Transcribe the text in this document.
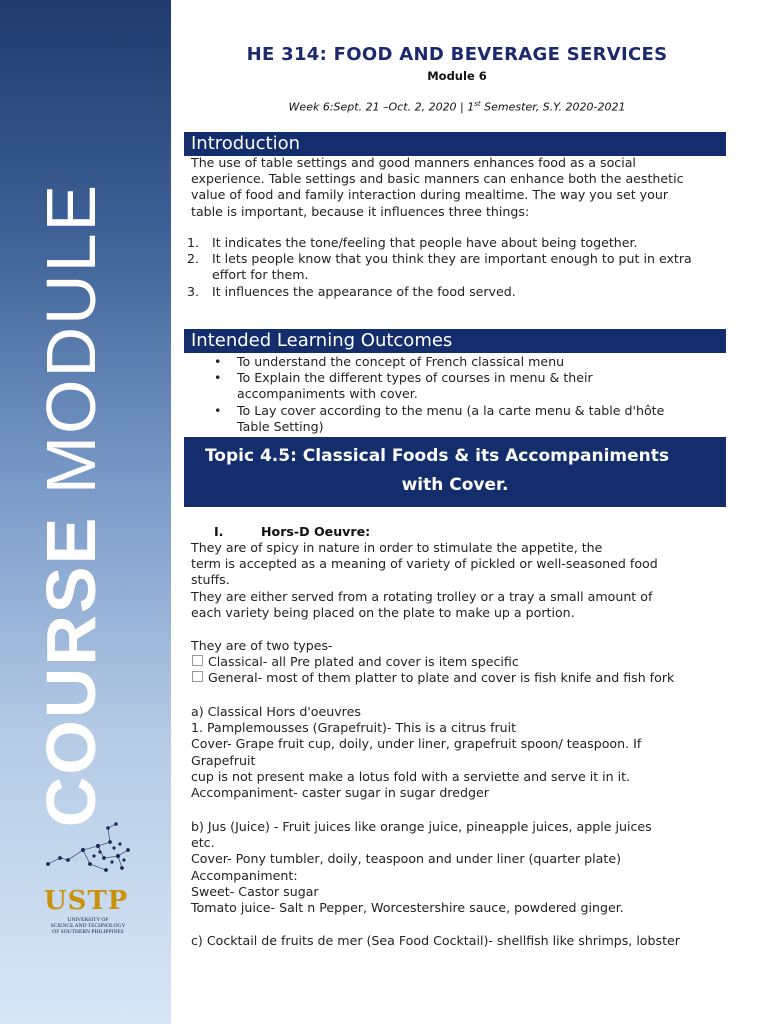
COURSE MODULE
USTP
UNIVERSITY OF
SCIENCE AND TECHNOLOGY
OF SOUTHERN PHILIPPINES
HE 314: FOOD AND BEVERAGE SERVICES
Module 6
Week 6:Sept. 21 –Oct. 2, 2020 | 1st Semester, S.Y. 2020-2021
Introduction
The use of table settings and good manners enhances food as a social
experience. Table settings and basic manners can enhance both the aesthetic
value of food and family interaction during mealtime. The way you set your
table is important, because it influences three things:
1.	It indicates the tone/feeling that people have about being together.
2.	It lets people know that you think they are important enough to put in extra
effort for them.
3.	It influences the appearance of the food served.
Intended Learning Outcomes
•	To understand the concept of French classical menu
•	To Explain the different types of courses in menu & their
accompaniments with cover.
•	To Lay cover according to the menu (a la carte menu & table d'hôte
Table Setting)
Topic 4.5: Classical Foods & its Accompaniments
with Cover.
I.	Hors-D Oeuvre:
They are of spicy in nature in order to stimulate the appetite, the
term is accepted as a meaning of variety of pickled or well-seasoned food
stuffs.
They are either served from a rotating trolley or a tray a small amount of
each variety being placed on the plate to make up a portion.
They are of two types-
Classical- all Pre plated and cover is item specific
General- most of them platter to plate and cover is fish knife and fish fork
a) Classical Hors d'oeuvres
1. Pamplemousses (Grapefruit)- This is a citrus fruit
Cover- Grape fruit cup, doily, under liner, grapefruit spoon/ teaspoon. If
Grapefruit
cup is not present make a lotus fold with a serviette and serve it in it.
Accompaniment- caster sugar in sugar dredger
b) Jus (Juice) - Fruit juices like orange juice, pineapple juices, apple juices
etc.
Cover- Pony tumbler, doily, teaspoon and under liner (quarter plate)
Accompaniment:
Sweet- Castor sugar
Tomato juice- Salt n Pepper, Worcestershire sauce, powdered ginger.
c) Cocktail de fruits de mer (Sea Food Cocktail)- shellfish like shrimps, lobster
